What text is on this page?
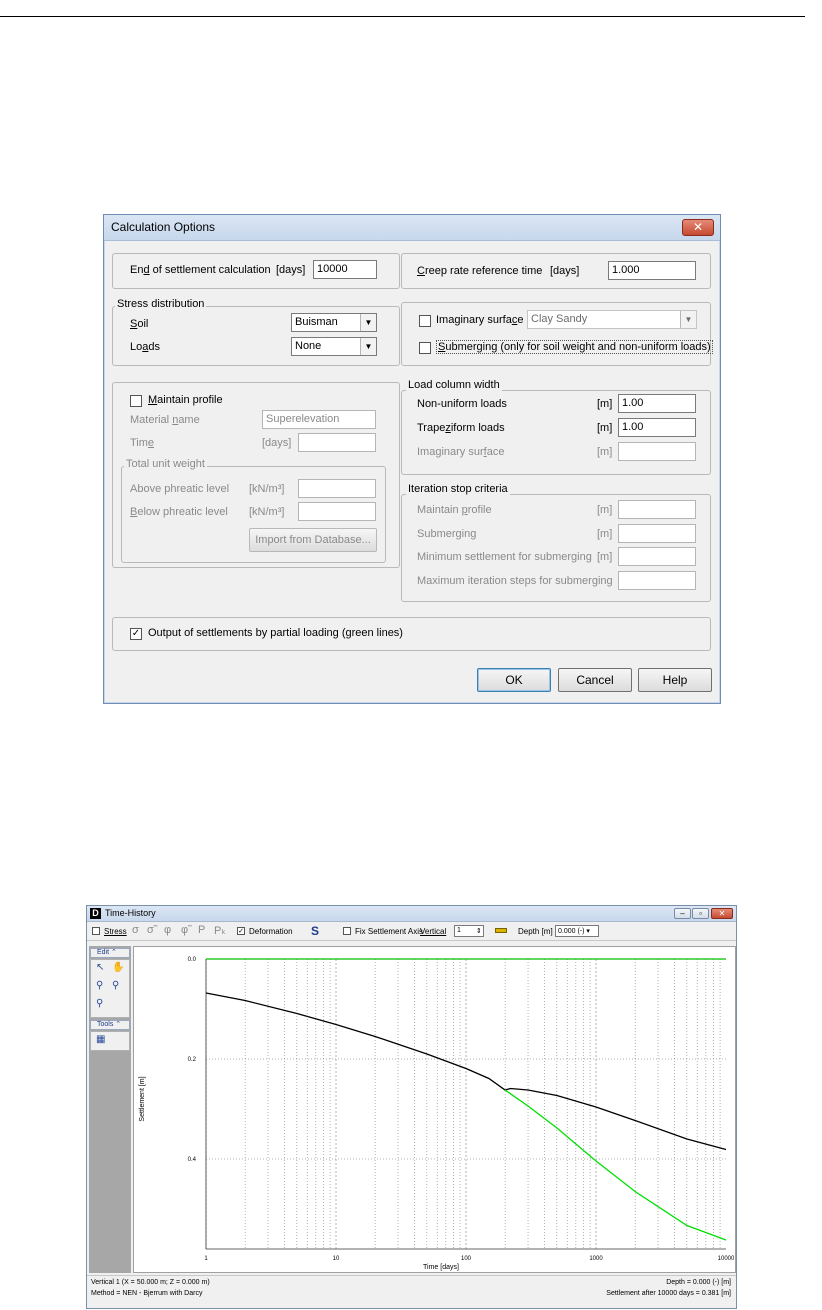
Calculation Options	✕
End of settlement calculation [days]	10000	Creep rate reference time [days]	1.000
Stress distribution
Soil	Buisman	▼
Loads	None	▼
Imaginary surface Clay Sandy	▼
Submerging (only for soil weight and non-uniform loads)
Maintain profile
Material name	Superelevation
Time	[days]
Total unit weight
Above phreatic level [kN/m³]
Below phreatic level [kN/m³]
Import from Database...
Load column width
Non-uniform loads	[m] 1.00
Trapeziform loads	[m] 1.00
Imaginary surface	[m]
Iteration stop criteria
Maintain profile	[m]
Submerging	[m]
Minimum settlement for submerging [m]
Maximum iteration steps for submerging
✓ Output of settlements by partial loading (green lines)
OK	Cancel	Help
D Time-History	–	▫	✕
Stress σ σ̃ φ φ̃ P Pₖ ✓ Deformation S	Fix Settlement Axis
Vertical	1	⇕	Depth [m] 0.000 (-) ▾
Edit ⌃
↖ ✋
⚲ ⚲
⚲
Tools ⌃
▦
1	10	100	1000	10000
0.0
0.2
0.4
Time [days]
Settlement [m]
Vertical 1 (X = 50.000 m; Z = 0.000 m)
Method = NEN - Bjerrum with Darcy
Depth = 0.000 (-) [m]
Settlement after 10000 days = 0.381 [m]
